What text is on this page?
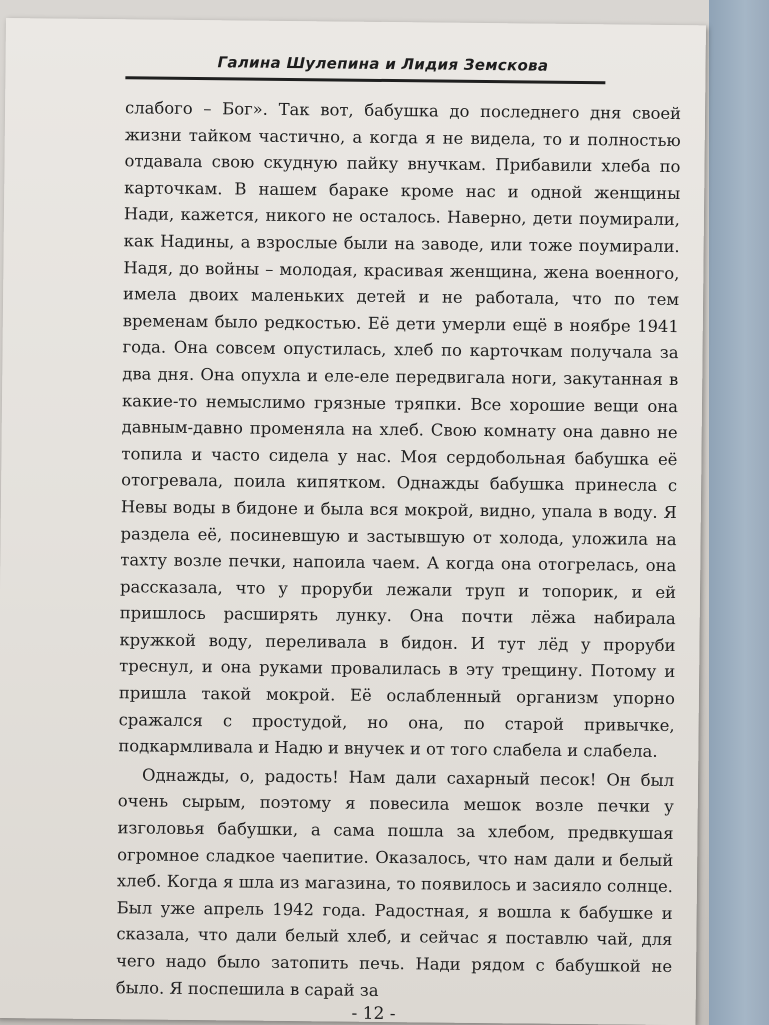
Галина Шулепина и Лидия Земскова

слабого – Бог». Так вот, бабушка до последнего дня своей жизни тайком частично, а когда я не видела, то и полностью отдавала свою скудную пайку внучкам. Прибавили хлеба по карточкам. В нашем бараке кроме нас и одной женщины Нади, кажется, никого не осталось. Наверно, дети поумирали, как Надины, а взрослые были на заводе, или тоже поумирали. Надя, до войны – молодая, красивая женщина, жена военного, имела двоих маленьких детей и не работала, что по тем временам было редкостью. Её дети умерли ещё в ноябре 1941 года. Она совсем опустилась, хлеб по карточкам получала за два дня. Она опухла и еле-еле передвигала ноги, закутанная в какие-то немыслимо грязные тряпки. Все хорошие вещи она давным-давно променяла на хлеб. Свою комнату она давно не топила и часто сидела у нас. Моя сердобольная бабушка её отогревала, поила кипятком. Однажды бабушка принесла с Невы воды в бидоне и была вся мокрой, видно, упала в воду. Я раздела её, посиневшую и застывшую от холода, уложила на тахту возле печки, напоила чаем. А когда она отогрелась, она рассказала, что у проруби лежали труп и топорик, и ей пришлось расширять лунку. Она почти лёжа набирала кружкой воду, переливала в бидон. И тут лёд у проруби треснул, и она руками провалилась в эту трещину. Потому и пришла такой мокрой. Её ослабленный организм упорно сражался с простудой, но она, по старой привычке, подкармливала и Надю и внучек и от того слабела и слабела.

Однажды, о, радость! Нам дали сахарный песок! Он был очень сырым, поэтому я повесила мешок возле печки у изголовья бабушки, а сама пошла за хлебом, предвкушая огромное сладкое чаепитие. Оказалось, что нам дали и белый хлеб. Когда я шла из магазина, то появилось и засияло солнце. Был уже апрель 1942 года. Радостная, я вошла к бабушке и сказала, что дали белый хлеб, и сейчас я поставлю чай, для чего надо было затопить печь. Нади рядом с бабушкой не было. Я поспешила в сарай за

- 12 -
